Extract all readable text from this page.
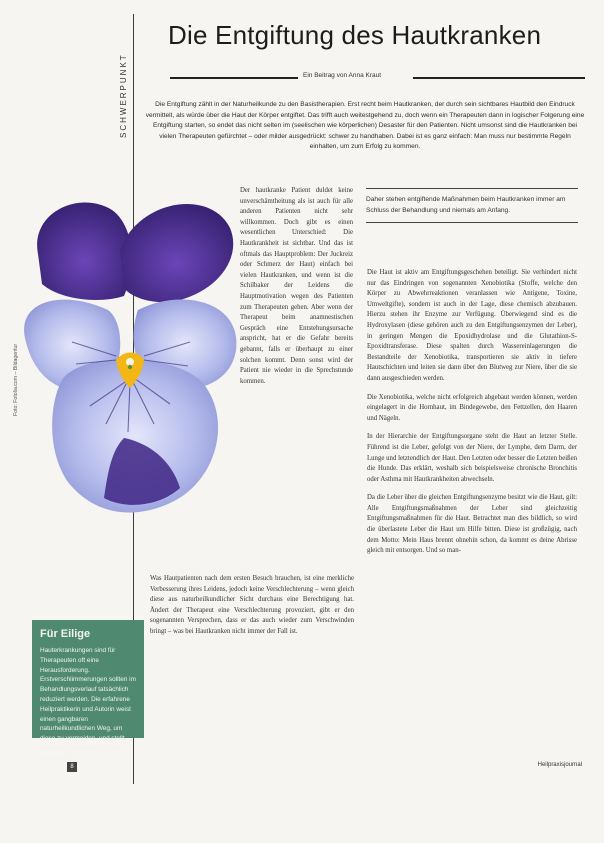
SCHWERPUNKT
Die Entgiftung des Hautkranken
Ein Beitrag von Anna Kraut
Die Entgiftung zählt in der Naturheilkunde zu den Basistherapien. Erst recht beim Hautkranken, der durch sein sichtbares Hautbild den Eindruck vermittelt, als würde über die Haut der Körper entgiftet. Das trifft auch weitestgehend zu, doch wenn ein Therapeuten dann in logischer Folgerung eine Entgiftung starten, so endet das nicht selten im (seelischen wie körperlichen) Desaster für den Patienten. Nicht umsonst sind die Hautkranken bei vielen Therapeuten gefürchtet – oder milder ausgedrückt: schwer zu handhaben. Dabei ist es ganz einfach: Man muss nur bestimmte Regeln einhalten, um zum Erfolg zu kommen.
Foto: Fotolia.com – Bildagentur

Der hautkranke Patient duldet keine unverschämtheitung als ist auch für alle anderen Patienten nicht sehr willkommen. Doch gibt es einen wesentlichen Unterschied: Die Hautkrankheit ist sichtbar. Und das ist oftmals das Hauptproblem: Der Juckreiz oder Schmerz der Haut) einfach bei vielen Hautkranken, und wenn ist die Schilbaker der Leidens die Hauptmotivation wegen des Patienten zum Therapeuten gehen. Aber wenn der Therapeut beim anamnestischen Gespräch eine Entstehungsursache anspricht, hat er die Gefahr bereits gebannt, falls er überhaupt zu einer solchen kommt. Denn sonst wird der Patient nie wieder in die Sprechstunde kommen.

Was Hautpatienten nach dem ersten Besuch brauchen, ist eine merkliche Verbesserung ihres Leidens, jedoch keine Verschlechterung – wenn gleich diese aus naturheilkundlicher Sicht durchaus eine Berechtigung hat. Ändert der Therapeut eine Verschlechterung provoziert, gibt er den sogenannten Versprechen, dass er das auch wieder zum Verschwinden bringt – was bei Hautkranken nicht immer der Fall ist.

Daher stehen entgiftende Maßnahmen beim Hautkranken immer am Schluss der Behandlung und niemals am Anfang.

Die Haut ist aktiv am Entgiftungsgeschehen beteiligt. Sie verhindert nicht nur das Eindringen von sogenannten Xenobiotika (Stoffe, welche den Körper zu Abwehrreaktionen veranlassen wie Antigene, Toxine, Umweltgifte), sondern ist auch in der Lage, diese chemisch abzubauen. Hierzu stehen ihr Enzyme zur Verfügung. Überwiegend sind es die Hydroxylasen (diese gehören auch zu den Entgiftungsenzymen der Leber), in geringen Mengen die Epoxidhydrolase und die Glutathion-S-Epoxidtransferase. Diese spalten durch Wassereinlagerungen die Bestandteile der Xenobiotika, transportieren sie aktiv in tiefere Hautschichten und leiten sie dann über den Blutweg zur Niere, über die sie dann ausgeschieden werden.

Die Xenobiotika, welche nicht erfolgreich abgebaut werden können, werden eingelagert in die Hornhaut, im Bindegewebe, den Fettzellen, den Haaren und Nägeln.

In der Hierarchie der Entgiftungsorgane steht die Haut an letzter Stelle. Führend ist die Leber, gefolgt von der Niere, der Lymphe, dem Darm, der Lunge und letztendlich der Haut. Den Letzten oder besser die Letzten beißen die Hunde. Das erklärt, weshalb sich beispielsweise chronische Bronchitis oder Asthma mit Hautkrankheiten abwechseln.

Da die Leber über die gleichen Entgiftungsenzyme besitzt wie die Haut, gilt: Alle Entgiftungsmaßnahmen der Leber sind gleichzeitig Entgiftungsmaßnahmen für die Haut. Betrachtet man dies bildlich, so wird die überlastete Leber die Haut um Hilfe bitten. Diese ist großzügig, nach dem Motto: Mein Haus brennt ohnehin schon, da kommt es deine Abrisse gleich mit entsorgen. Und so man-

Für Eilige

Hauterkrankungen sind für Therapeuten oft eine Herausforderung. Erstverschlimmerungen sollten im Behandlungsverlauf tatsächlich reduziert werden. Die erfahrene Heilpraktikerin und Autorin weist einen gangbaren naturheilkundlichen Weg, um diese zu vermeiden, und stellt bewährte Rezepturen für die Praxis vor.

8	Heilpraxisjournal
